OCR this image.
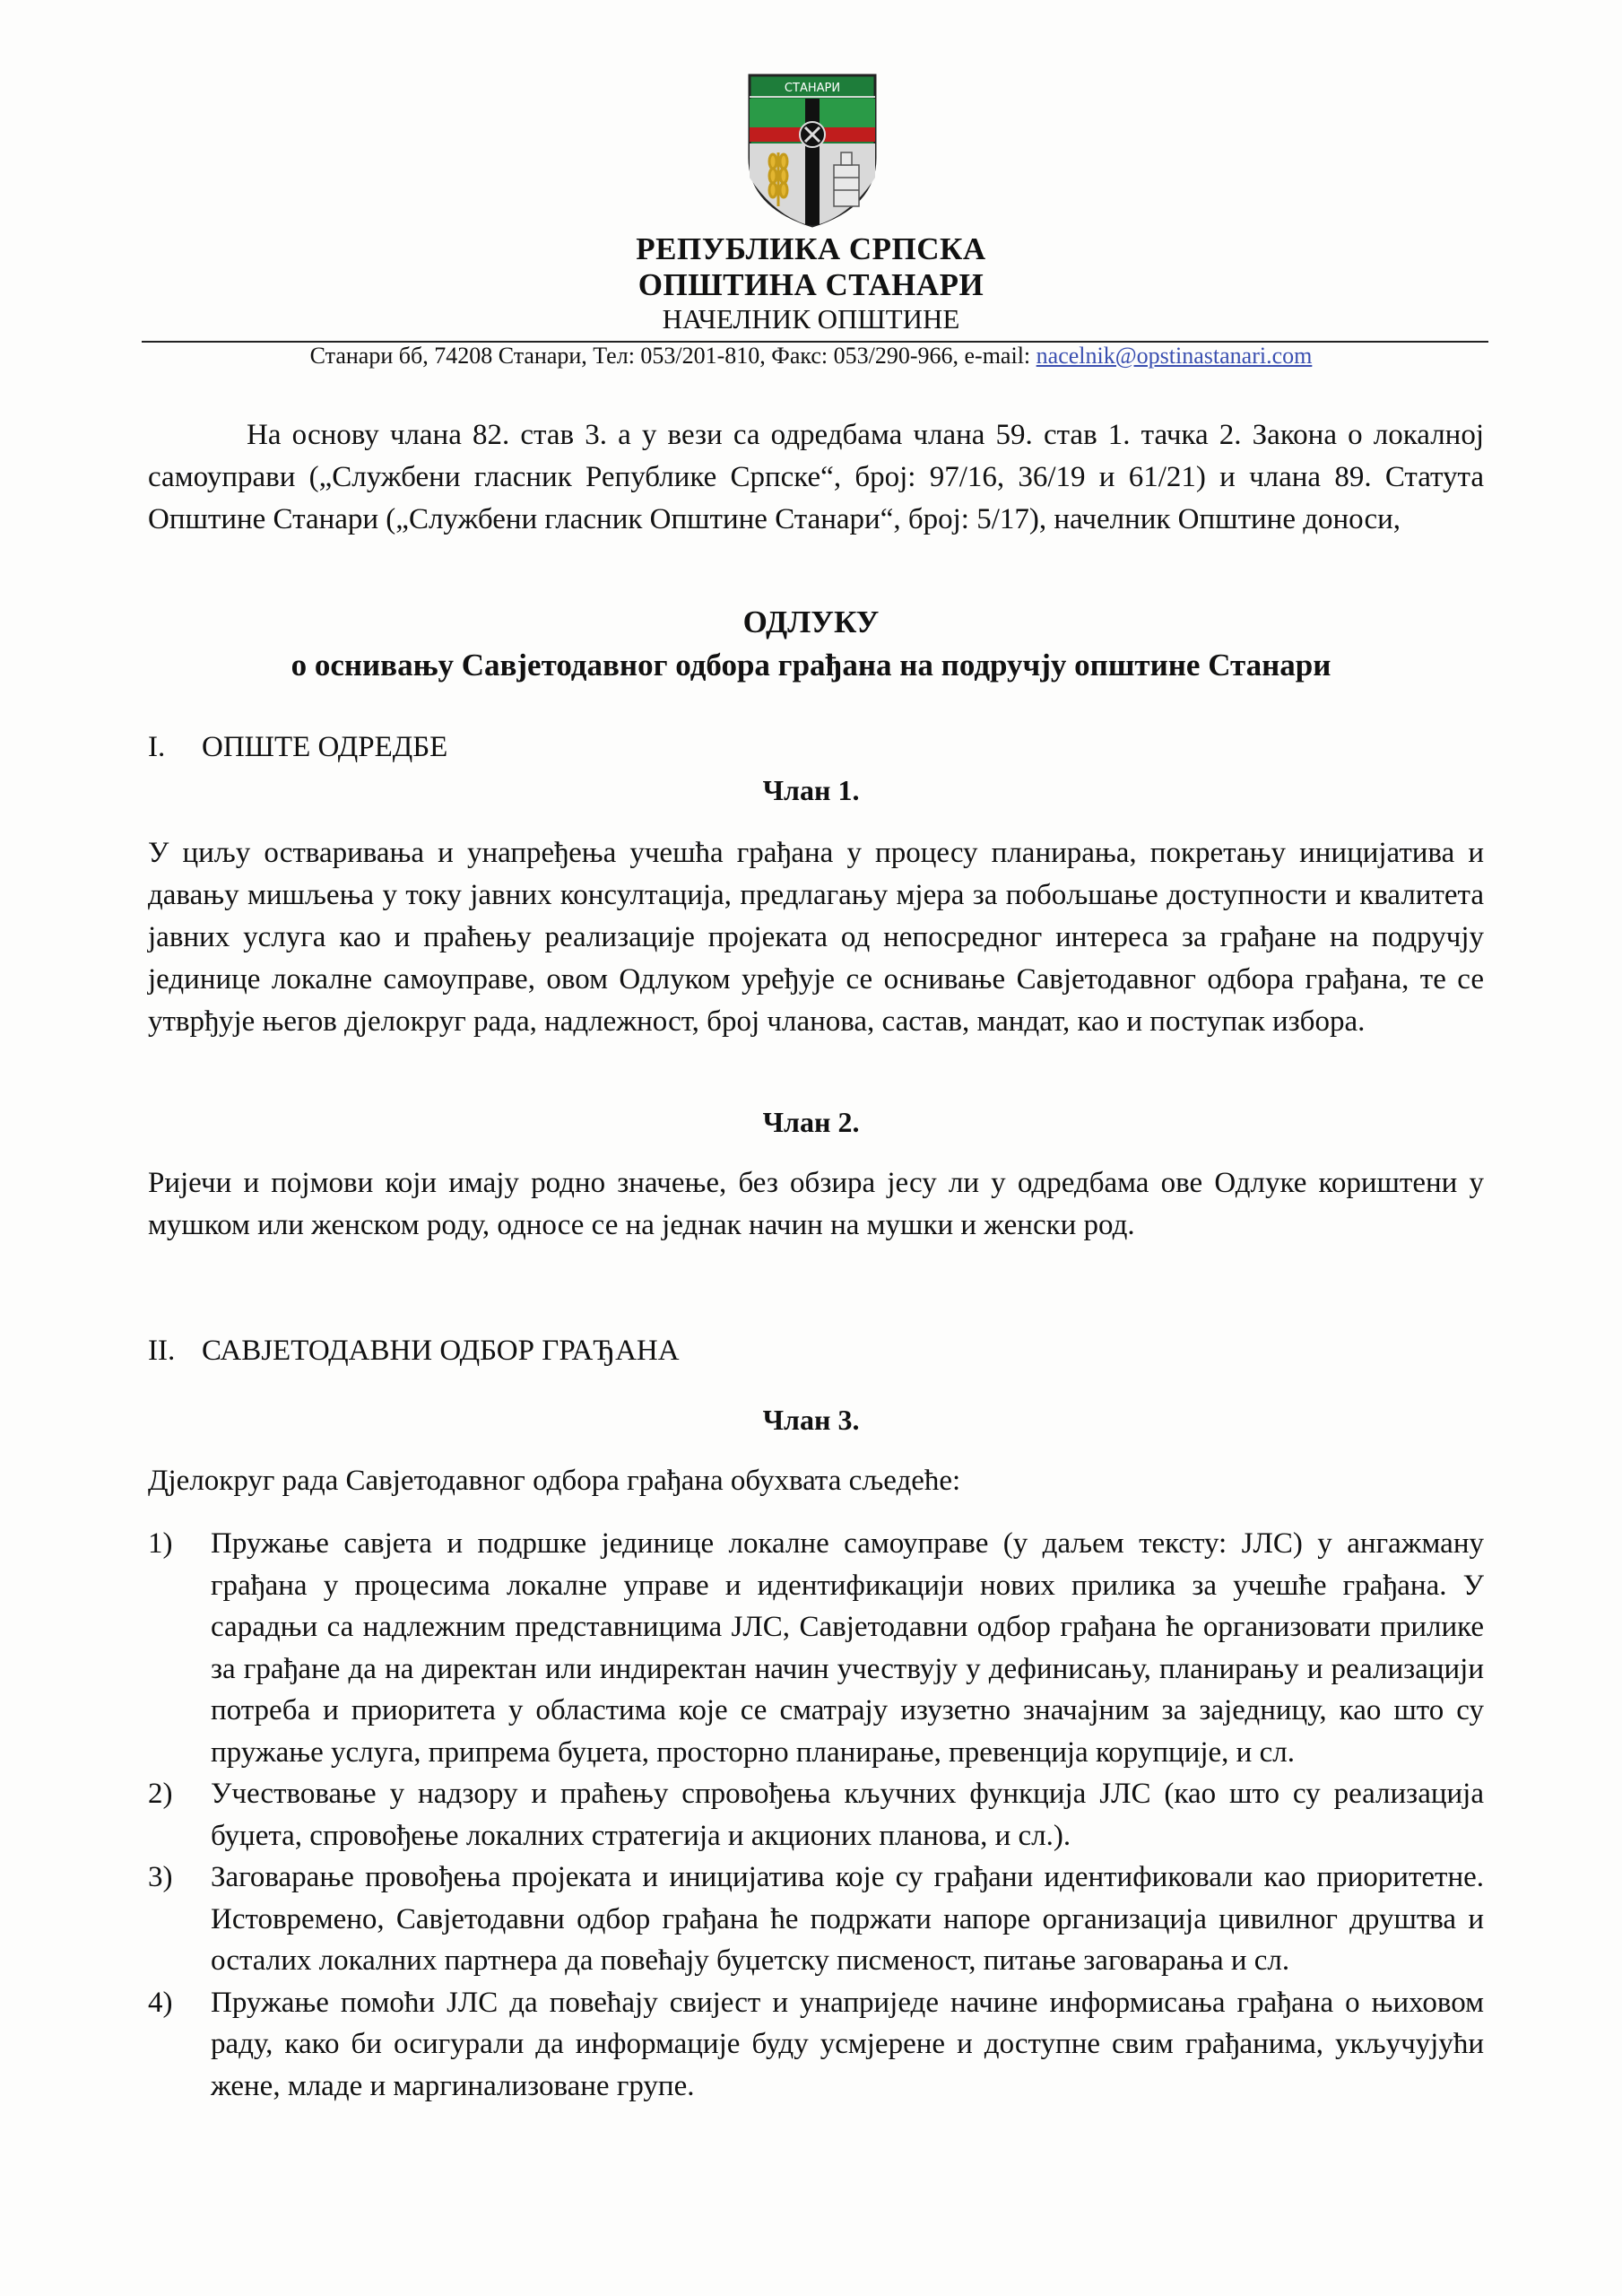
СТАНАРИ
РЕПУБЛИКА СРПСКА
ОПШТИНА СТАНАРИ
НАЧЕЛНИК ОПШТИНЕ
Станари бб, 74208 Станари, Тел: 053/201-810, Факс: 053/290-966, e-mail: nacelnik@opstinastanari.com

На основу члана 82. став 3. а у вези са одредбама члана 59. став 1. тачка 2. Закона о локалној самоуправи („Службени гласник Републике Српске“, број: 97/16, 36/19 и 61/21) и члана 89. Статута Општине Станари („Службени гласник Општине Станари“, број: 5/17), начелник Општине доноси,

ОДЛУКУ
о оснивању Савјетодавног одбора грађана на подручју општине Станари
I. ОПШТЕ ОДРЕДБЕ
Члан 1.

У циљу остваривања и унапређења учешћа грађана у процесу планирања, покретању иницијатива и давању мишљења у току јавних консултација, предлагању мјера за побољшање доступности и квалитета јавних услуга као и праћењу реализације пројеката од непосредног интереса за грађане на подручју јединице локалне самоуправе, овом Одлуком уређује се оснивање Савјетодавног одбора грађана, те се утврђује његов дјелокруг рада, надлежност, број чланова, састав, мандат, као и поступак избора.

Члан 2.

Ријечи и појмови који имају родно значење, без обзира јесу ли у одредбама ове Одлуке кориштени у мушком или женском роду, односе се на једнак начин на мушки и женски род.

II. САВЈЕТОДАВНИ ОДБОР ГРАЂАНА
Члан 3.

Дјелокруг рада Савјетодавног одбора грађана обухвата сљедеће:

1) Пружање савјета и подршке јединице локалне самоуправе (у даљем тексту: ЈЛС) у ангажману грађана у процесима локалне управе и идентификацији нових прилика за учешће грађана. У сарадњи са надлежним представницима ЈЛС, Савјетодавни одбор грађана ће организовати прилике за грађане да на директан или индиректан начин учествују у дефинисању, планирању и реализацији потреба и приоритета у областима које се сматрају изузетно значајним за заједницу, као што су пружање услуга, припрема буџета, просторно планирање, превенција корупције, и сл.
2) Учествовање у надзору и праћењу спровођења кључних функција ЈЛС (као што су реализација буџета, спровођење локалних стратегија и акционих планова, и сл.).
3) Заговарање провођења пројеката и иницијатива које су грађани идентификовали као приоритетне. Истовремено, Савјетодавни одбор грађана ће подржати напоре организација цивилног друштва и осталих локалних партнера да повећају буџетску писменост, питање заговарања и сл.
4) Пружање помоћи ЈЛС да повећају свијест и унаприједе начине информисања грађана о њиховом раду, како би осигурали да информације буду усмјерене и доступне свим грађанима, укључујући жене, младе и маргинализоване групе.
